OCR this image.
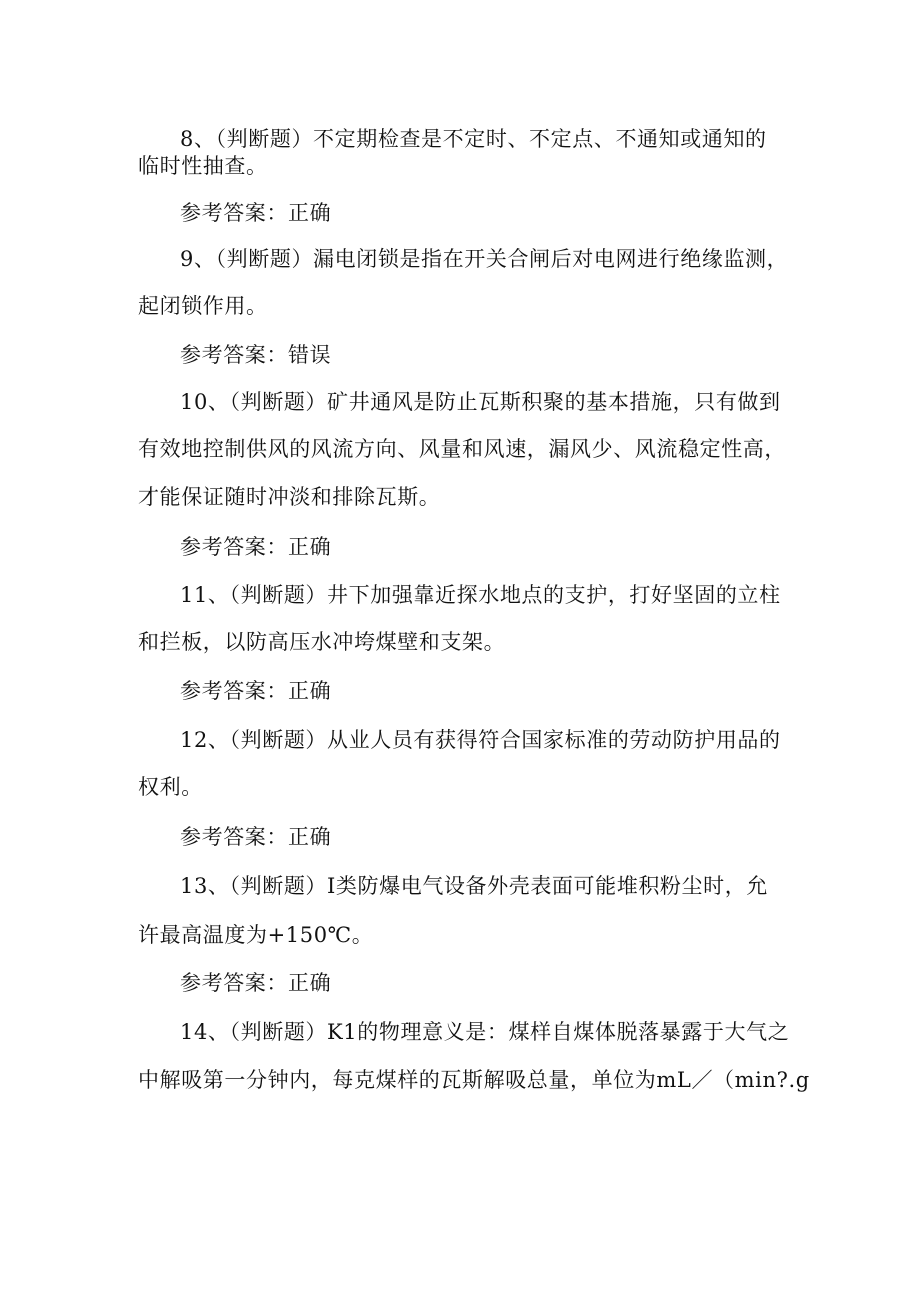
8、（判断题）不定期检查是不定时、不定点、不通知或通知的
临时性抽查。
参考答案：正确
9、（判断题）漏电闭锁是指在开关合闸后对电网进行绝缘监测，
起闭锁作用。
参考答案：错误
10、（判断题）矿井通风是防止瓦斯积聚的基本措施，只有做到
有效地控制供风的风流方向、风量和风速，漏风少、风流稳定性高，
才能保证随时冲淡和排除瓦斯。
参考答案：正确
11、（判断题）井下加强靠近探水地点的支护，打好坚固的立柱
和拦板，以防高压水冲垮煤壁和支架。
参考答案：正确
12、（判断题）从业人员有获得符合国家标准的劳动防护用品的
权利。
参考答案：正确
13、（判断题）I类防爆电气设备外壳表面可能堆积粉尘时，允
许最高温度为+150℃。
参考答案：正确
14、（判断题）K1的物理意义是：煤样自煤体脱落暴露于大气之
中解吸第一分钟内，每克煤样的瓦斯解吸总量，单位为mL／（min?.g
